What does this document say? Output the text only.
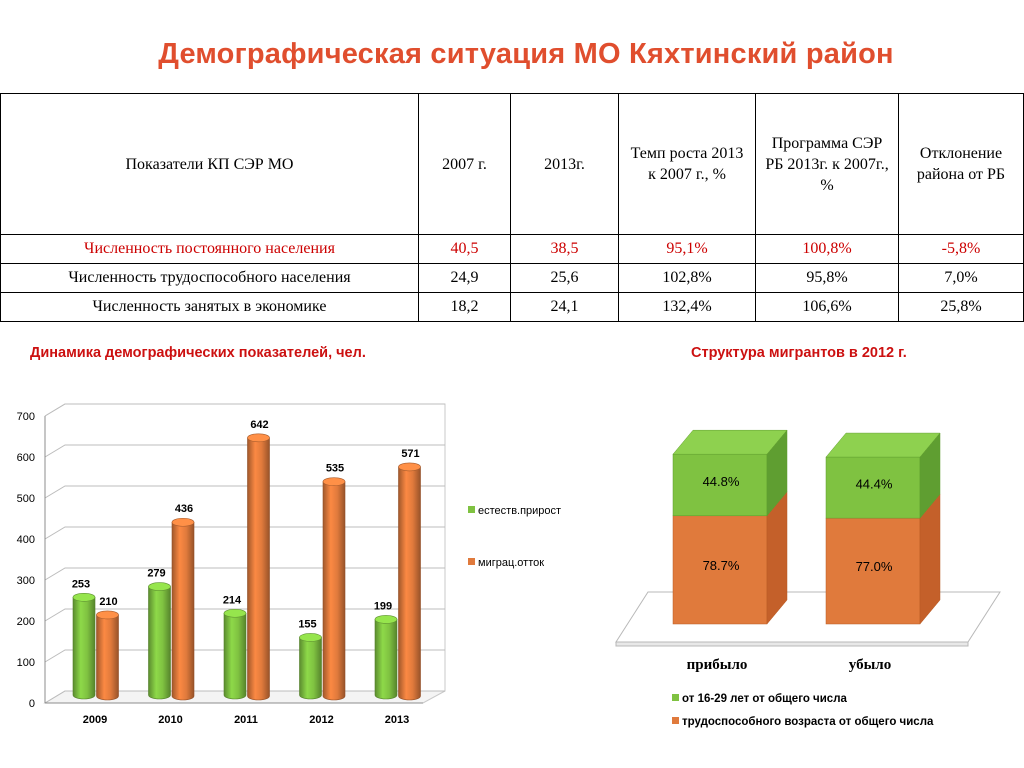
Демографическая ситуация МО Кяхтинский район
Показатели КП СЭР МО	2007 г.	2013г.	Темп роста 2013 к 2007 г., %	Программа СЭР РБ 2013г. к 2007г., %	Отклонение района от РБ
Численность постоянного населения	40,5	38,5	95,1%	100,8%	-5,8%
Численность трудоспособного населения	24,9	25,6	102,8%	95,8%	7,0%
Численность занятых в экономике	18,2	24,1	132,4%	106,6%	25,8%
Динамика демографических показателей, чел.	Структура мигрантов в 2012 г.
0
100
200
300
400
500
600
700
253
210
2009
279
436
2010
214
642
2011
155
535
2012
199
571
2013
естеств.прирост
миграц.отток
44.8%
78.7%
прибыло
44.4%
77.0%
убыло
от 16-29 лет от общего числа
трудоспособного возраста от общего числа
